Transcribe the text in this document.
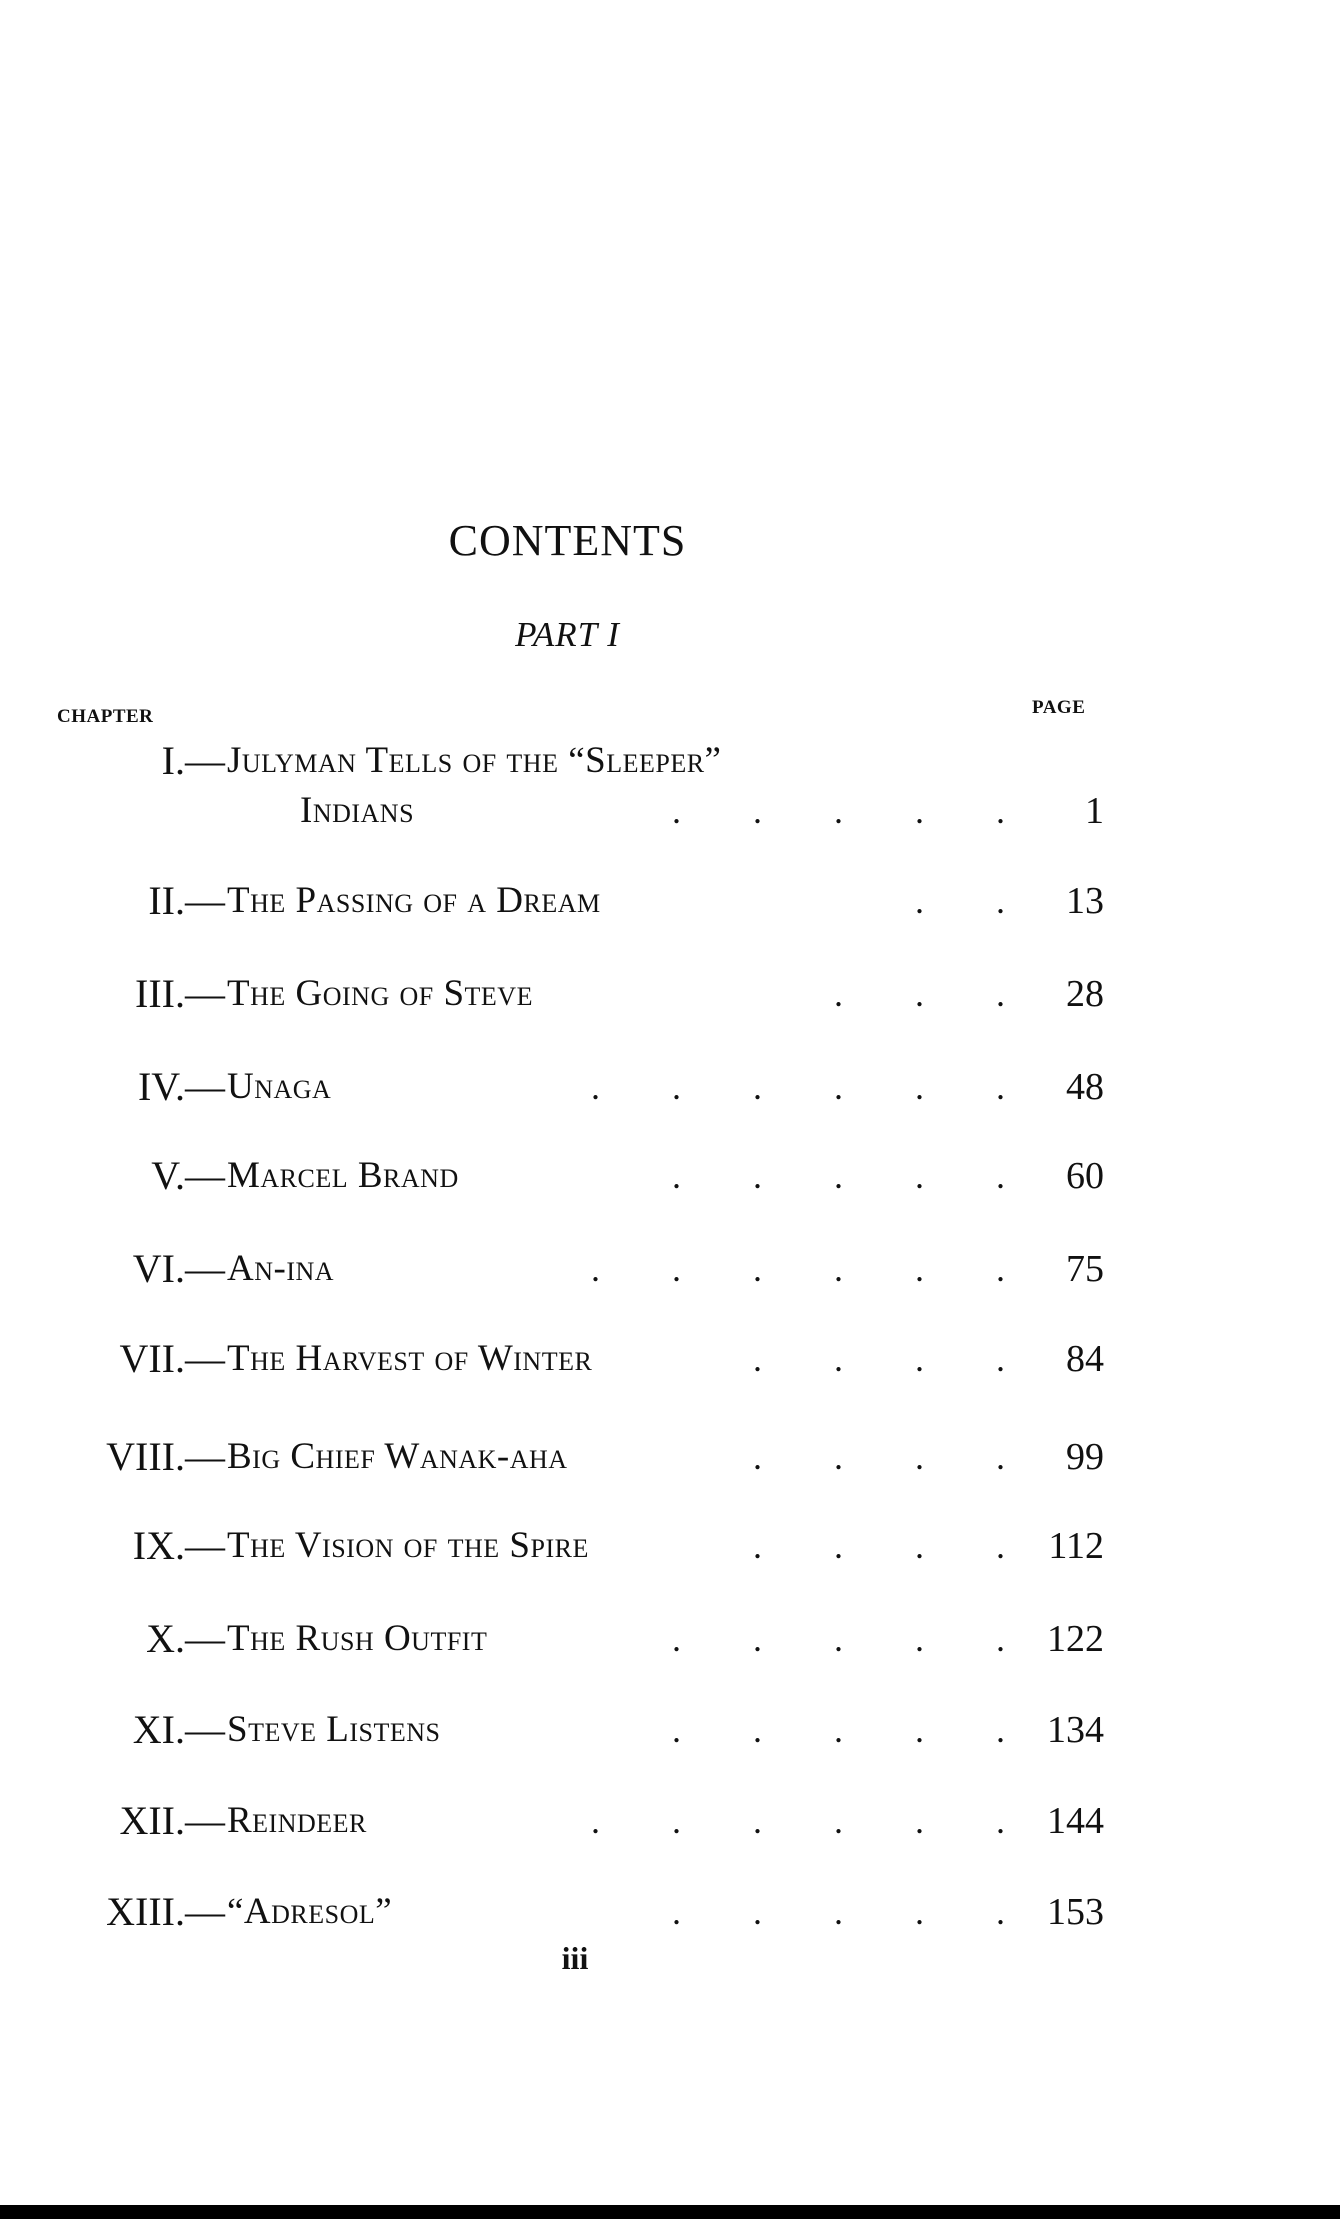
CONTENTS
PART I
CHAPTER	PAGE
I.— Julyman Tells of the “Sleeper”
Indians	.        .        .        .        . 1
II.— The Passing of a Dream	.        . 13
III.— The Going of Steve	.        .        . 28
IV.— Unaga	.        .        .        .        .        . 48
V.— Marcel Brand	.        .        .        .        . 60
VI.— An-ina	.        .        .        .        .        . 75
VII.— The Harvest of Winter	.        .        .        . 84
VIII.— Big Chief Wanak-aha	.        .        .        . 99
IX.— The Vision of the Spire	.        .        .        . 112
X.— The Rush Outfit	.        .        .        .        . 122
XI.— Steve Listens	.        .        .        .        . 134
XII.— Reindeer	.        .        .        .        .        . 144
XIII.— “Adresol”	.        .        .        .        . 153
iii
